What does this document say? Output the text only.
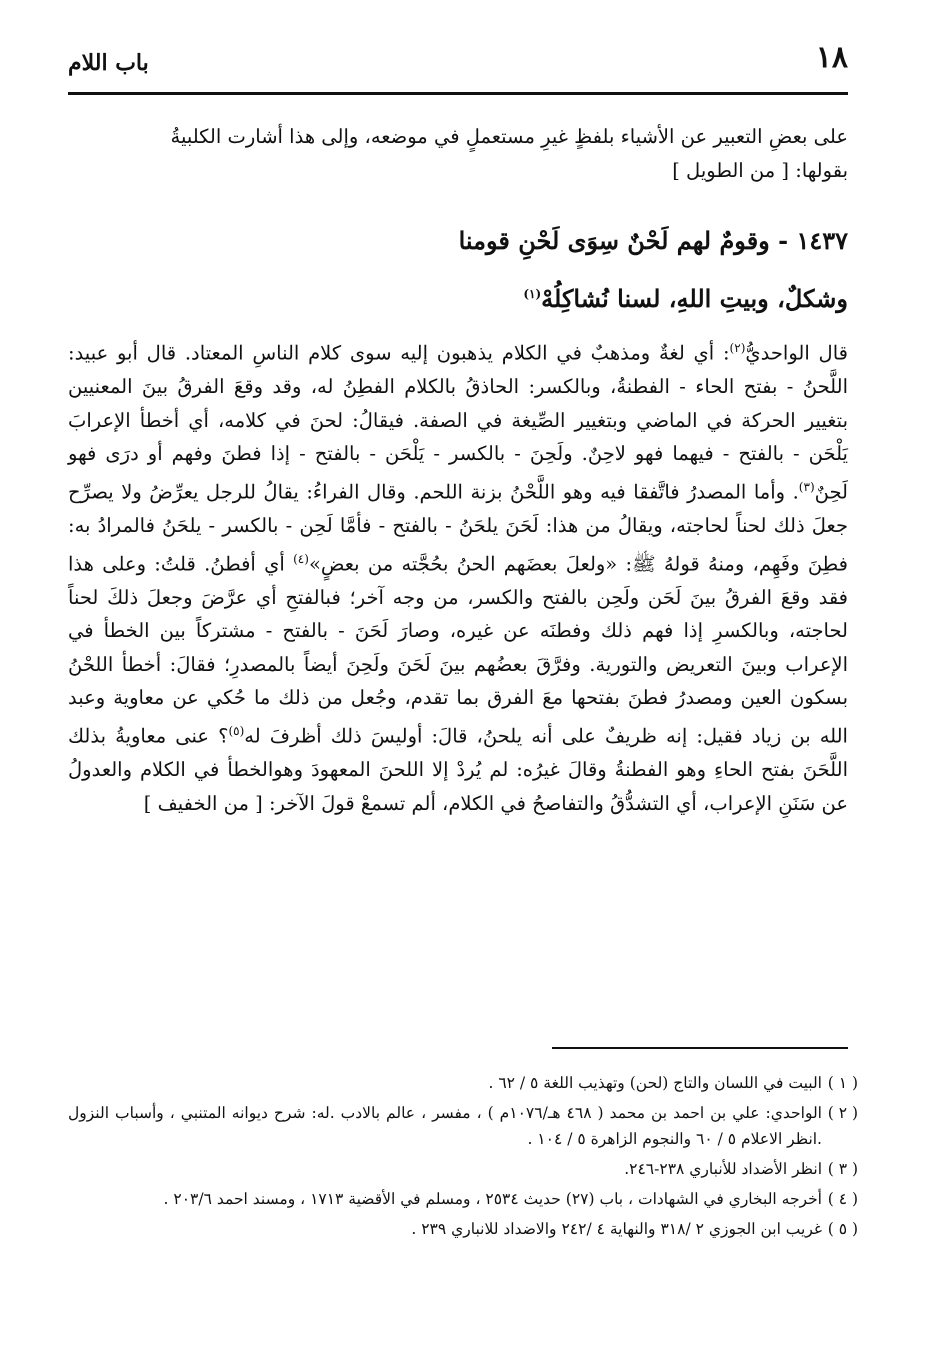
١٨
باب اللام

على بعضِ التعبير عن الأشياء بلفظٍ غيرِ مستعملٍ في موضعه، وإلى هذا أشارت الكلبيةُ

بقولها: [ من الطويل ]

١٤٣٧ - وقومٌ لهم لَحْنٌ سِوَى لَحْنِ قومنا
وشكلٌ، وبيتِ اللهِ، لسنا نُشاكِلُهْ$^{(١)}$

قال الواحديُّ$^{(٢)}$: أي لغةٌ ومذهبٌ في الكلام يذهبون إليه سوى كلام الناسِ المعتاد. قال أبو عبيد: اللَّحنُ - بفتح الحاء - الفطنةُ، وبالكسر: الحاذقُ بالكلام الفطِنُ له، وقد وقعَ الفرقُ بينَ المعنيين بتغيير الحركة في الماضي وبتغيير الصِّيغة في الصفة. فيقالُ: لحنَ في كلامه، أي أخطأ الإعرابَ يَلْحَن - بالفتح - فيهما فهو لاحِنٌ. ولَحِنَ - بالكسر - يَلْحَن - بالفتح - إذا فطنَ وفهم أو درَى فهو لَحِنٌ$^{(٣)}$. وأما المصدرُ فاتَّفقا فيه وهو اللَّحْنُ بزنة اللحم. وقال الفراءُ: يقالُ للرجل يعرِّضُ ولا يصرِّح جعلَ ذلك لحناً لحاجته، ويقالُ من هذا: لَحَنَ يلحَنُ - بالفتح - فأمَّا لَحِن - بالكسر - يلحَنُ فالمرادُ به: فطِنَ وفَهِم، ومنهُ قولهُ ﷺ: «ولعلَ بعضَهم الحنُ بحُجَّته من بعضٍ»$^{(٤)}$ أي أفطنُ. قلتُ: وعلى هذا فقد وقعَ الفرقُ بينَ لَحَن ولَحِن بالفتح والكسر، من وجه آخر؛ فبالفتحِ أي عرَّضَ وجعلَ ذلكَ لحناً لحاجته، وبالكسرِ إذا فهم ذلك وفطنَه عن غيره، وصارَ لَحَنَ - بالفتح - مشتركاً بين الخطأ في الإعراب وبينَ التعريض والتورية. وفرَّقَ بعضُهم بينَ لَحَنَ ولَحِنَ أيضاً بالمصدرِ؛ فقالَ: أخطأ اللحْنُ بسكون العين ومصدرُ فطنَ بفتحها معَ الفرق بما تقدم، وجُعل من ذلك ما حُكي عن معاوية وعبد الله بن زياد فقيل: إنه ظريفٌ على أنه يلحنُ، قالَ: أوليسَ ذلك أظرفَ له$^{(٥)}$؟ عنى معاويةُ بذلك اللَّحَنَ بفتح الحاءِ وهو الفطنةُ وقالَ غيرُه: لم يُردْ إلا اللحنَ المعهودَ وهوالخطأ في الكلام والعدولُ عن سَنَنِ الإعراب، أي التشدُّقُ والتفاصحُ في الكلام، ألم تسمعْ قولَ الآخر: [ من الخفيف ]

( ١ )
البيت في اللسان والتاج (لحن) وتهذيب اللغة ٥ / ٦٢ .

( ٢ )
الواحدي: علي بن احمد بن محمد ( ٤٦٨ هـ/١٠٧٦م ) ، مفسر ، عالم بالادب .له: شرح ديوانه المتنبي ، وأسباب النزول .انظر الاعلام ٥ / ٦٠ والنجوم الزاهرة ٥ / ١٠٤ .

( ٣ )
انظر الأضداد للأنباري ٢٣٨-٢٤٦.

( ٤ )
أخرجه البخاري في الشهادات ، باب (٢٧) حديث ٢٥٣٤ ، ومسلم في الأقضية ١٧١٣ ، ومسند احمد ٢٠٣/٦ .

( ٥ )
غريب ابن الجوزي ٢ /٣١٨ والنهاية ٤ /٢٤٢ والاضداد للانباري ٢٣٩ .
